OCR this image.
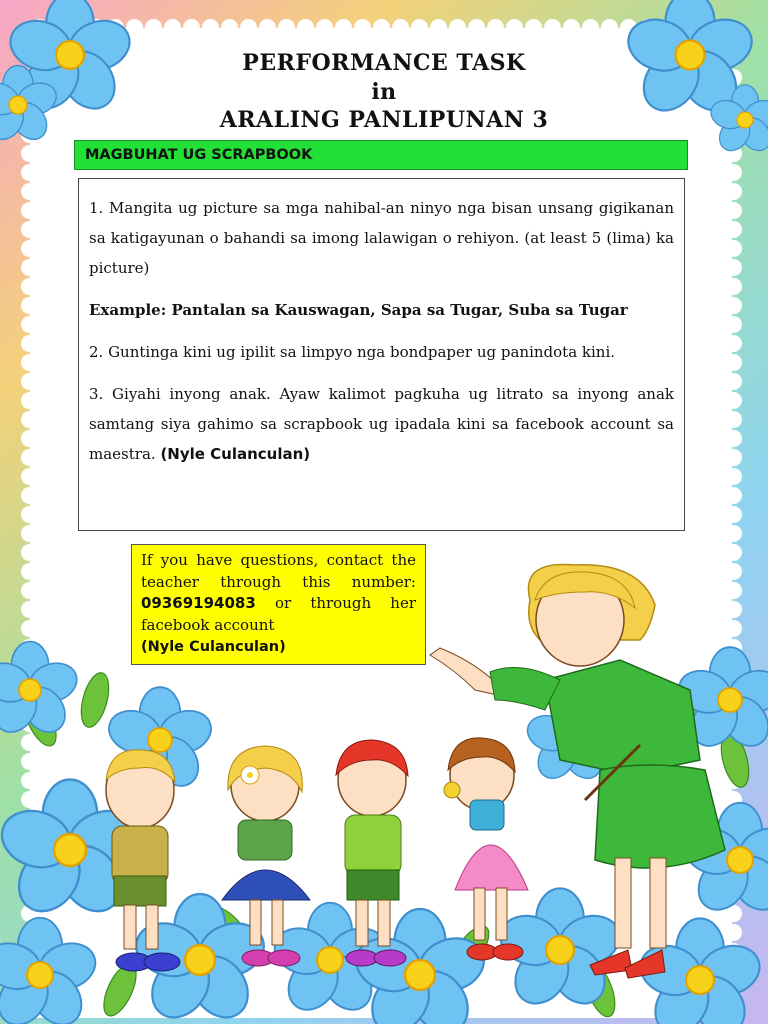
PERFORMANCE TASK
in
ARALING PANLIPUNAN 3
MAGBUHAT UG SCRAPBOOK

1. Mangita ug picture sa mga nahibal-an ninyo nga bisan unsang gigikanan sa katigayunan o bahandi sa imong lalawigan o rehiyon. (at least 5 (lima) ka picture)

Example: Pantalan sa Kauswagan, Sapa sa Tugar, Suba sa Tugar

2. Guntinga kini ug ipilit sa limpyo nga bondpaper ug panindota kini.

3. Giyahi inyong anak. Ayaw kalimot pagkuha ug litrato sa inyong anak samtang siya gahimo sa scrapbook ug ipadala kini sa facebook account sa maestra. (Nyle Culanculan)

If you have questions, contact the teacher through this number: 09369194083 or through her facebook account
(Nyle Culanculan)
